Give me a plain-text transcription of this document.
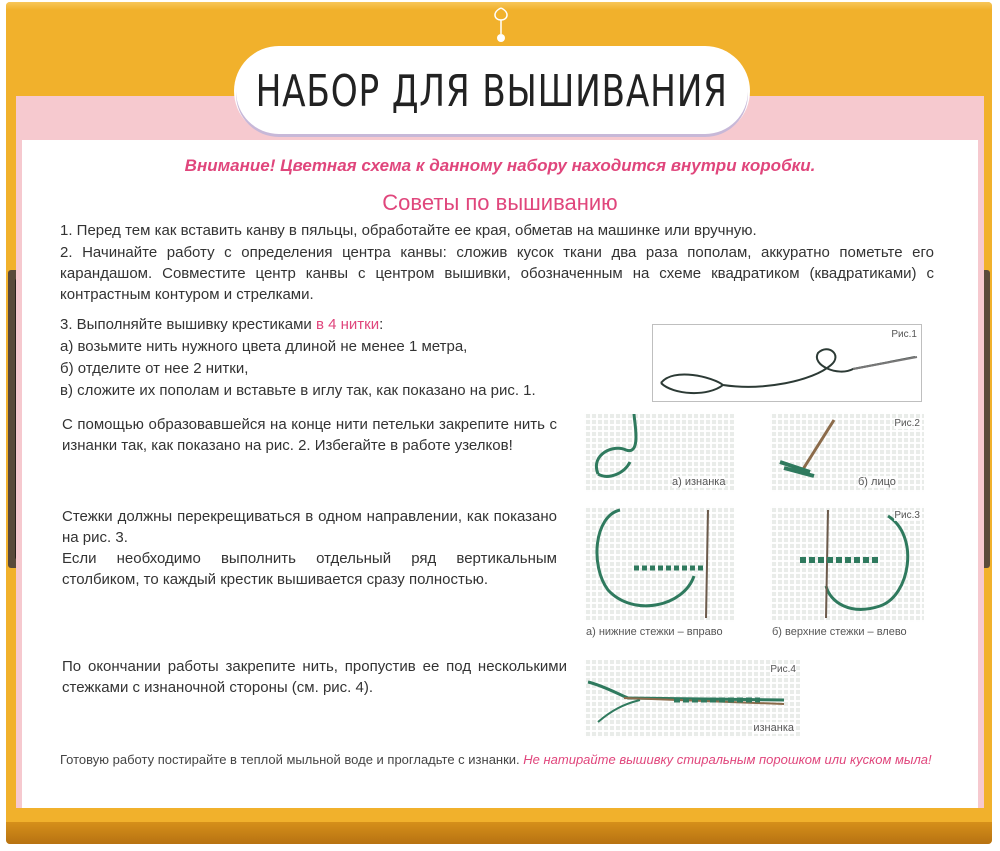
НАБОР ДЛЯ ВЫШИВАНИЯ
Внимание! Цветная схема к данному набору находится внутри коробки.
Советы по вышиванию
1. Перед тем как вставить канву в пяльцы, обработайте ее края, обметав на машинке или вручную.
2. Начинайте работу с определения центра канвы: сложив кусок ткани два раза пополам, аккуратно пометьте его карандашом. Совместите центр канвы с центром вышивки, обозначенным на схеме квадратиком (квадратиками) с контрастным контуром и стрелками.
3. Выполняйте вышивку крестиками в 4 нитки:
а) возьмите нить нужного цвета длиной не менее 1 метра,
б) отделите от нее 2 нитки,
в) сложите их пополам и вставьте в иглу так, как показано на рис. 1.
С помощью образовавшейся на конце нити петельки закрепите нить с изнанки так, как показано на рис. 2. Избегайте в работе узелков!
Стежки должны перекрещиваться в одном направлении, как показано на рис. 3.
Если необходимо выполнить отдельный ряд вертикальным столбиком, то каждый крестик вышивается сразу полностью.
По окончании работы закрепите нить, пропустив ее под несколькими стежками с изнаночной стороны (см. рис. 4).
Рис.1
а) изнанка
Рис.2
б) лицо
а) нижние стежки – вправо
Рис.3
б) верхние стежки – влево
Рис.4
изнанка
Готовую работу постирайте в теплой мыльной воде и прогладьте с изнанки. Не натирайте вышивку стиральным порошком или куском мыла!
